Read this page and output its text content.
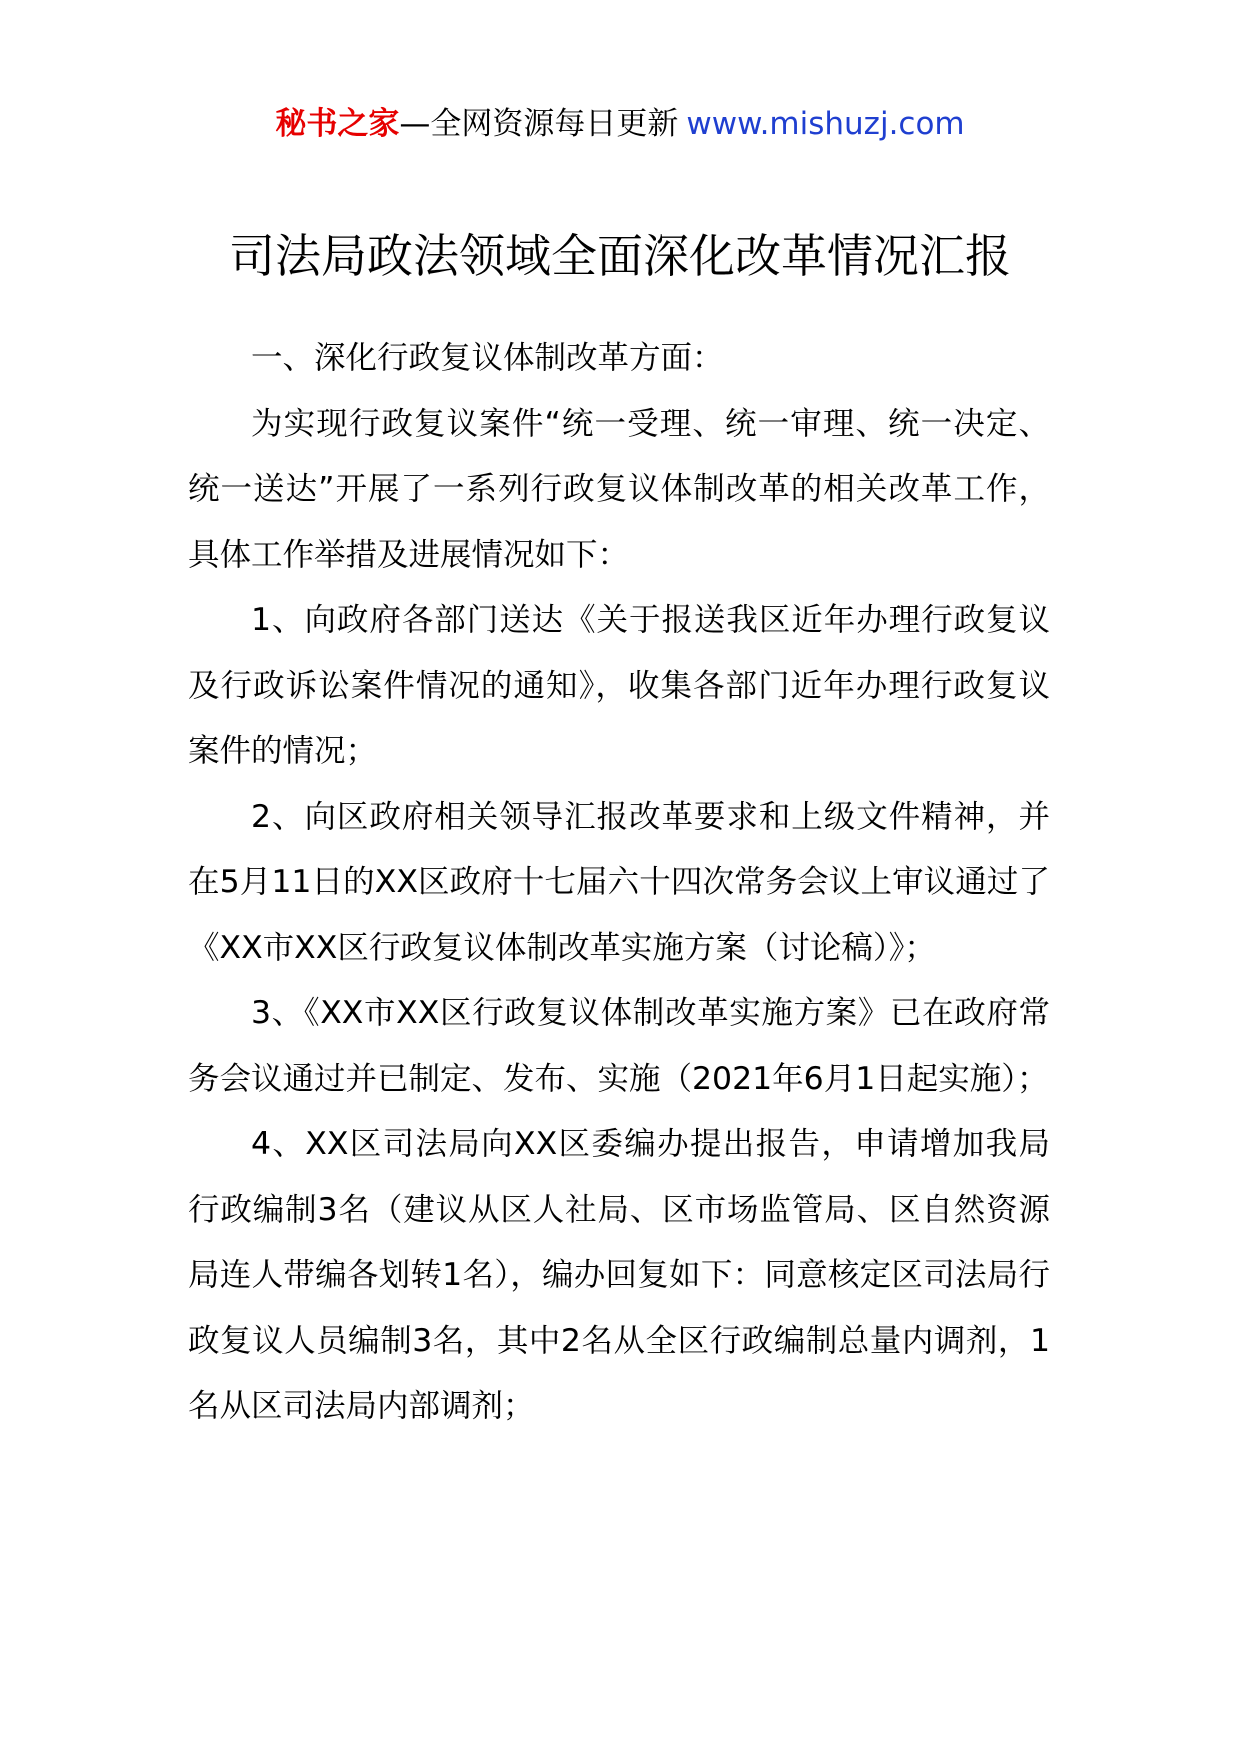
秘书之家—全网资源每日更新 www.mishuzj.com
司法局政法领域全面深化改革情况汇报

一、深化行政复议体制改革方面：

为实现行政复议案件“统一受理、统一审理、统一决定、统一送达”开展了一系列行政复议体制改革的相关改革工作，具体工作举措及进展情况如下：

1、向政府各部门送达《关于报送我区近年办理行政复议及行政诉讼案件情况的通知》，收集各部门近年办理行政复议案件的情况；

2、向区政府相关领导汇报改革要求和上级文件精神，并在5月11日的XX区政府十七届六十四次常务会议上审议通过了《XX市XX区行政复议体制改革实施方案（讨论稿）》；

3、《XX市XX区行政复议体制改革实施方案》已在政府常务会议通过并已制定、发布、实施（2021年6月1日起实施）；

4、XX区司法局向XX区委编办提出报告，申请增加我局行政编制3名（建议从区人社局、区市场监管局、区自然资源局连人带编各划转1名），编办回复如下：同意核定区司法局行政复议人员编制3名，其中2名从全区行政编制总量内调剂，1名从区司法局内部调剂；
